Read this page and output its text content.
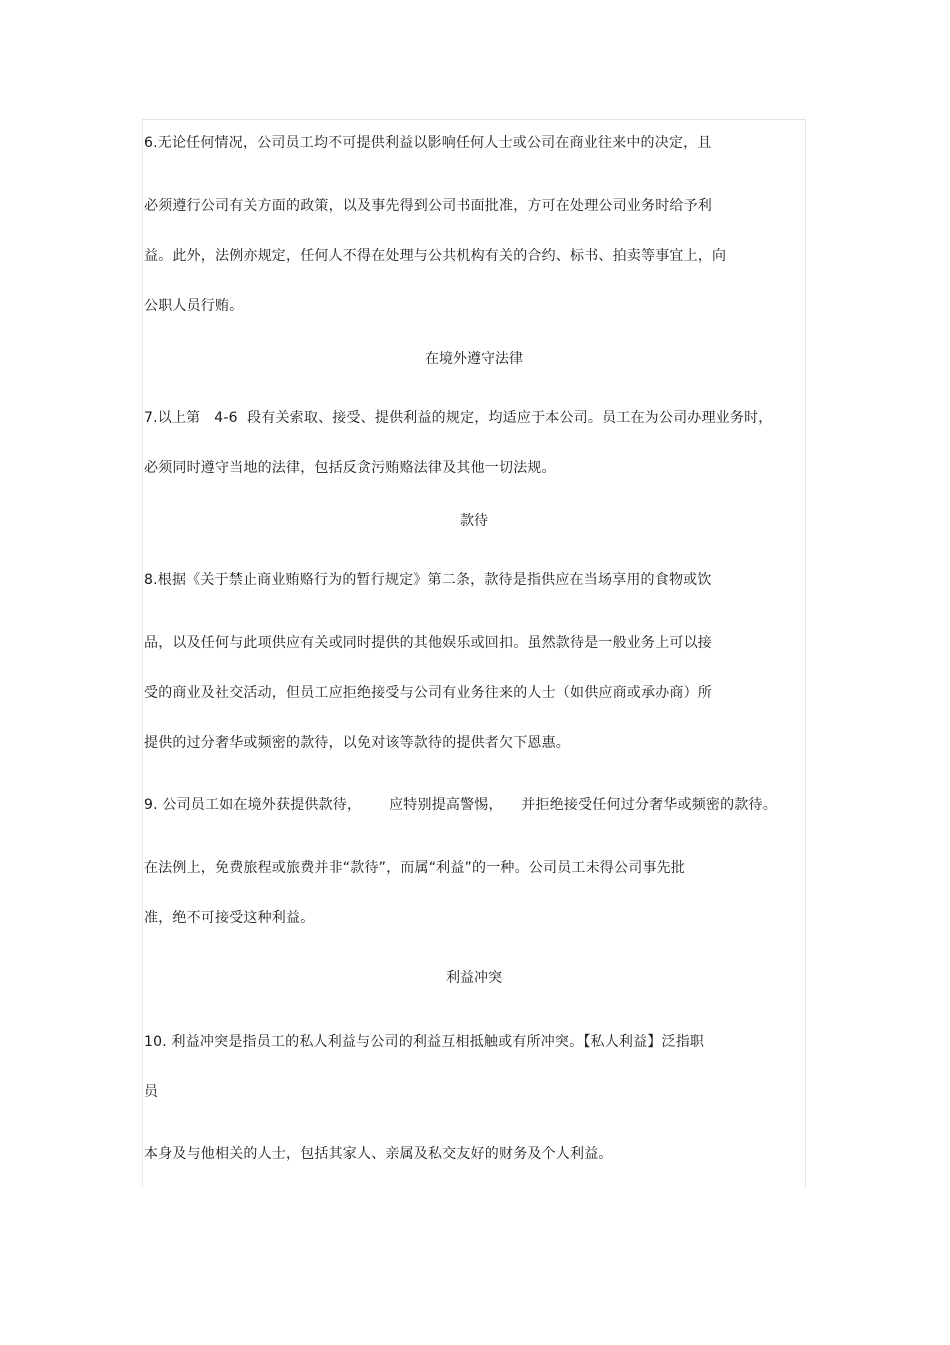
6.无论任何情况，公司员工均不可提供利益以影响任何人士或公司在商业往来中的决定，且
必须遵行公司有关方面的政策，以及事先得到公司书面批准，方可在处理公司业务时给予利
益。此外，法例亦规定，任何人不得在处理与公共机构有关的合约、标书、拍卖等事宜上，向
公职人员行贿。
在境外遵守法律
7.以上第   4-6  段有关索取、接受、提供利益的规定，均适应于本公司。员工在为公司办理业务时，
必须同时遵守当地的法律，包括反贪污贿赂法律及其他一切法规。
款待
8.根据《关于禁止商业贿赂行为的暂行规定》第二条，款待是指供应在当场享用的食物或饮
品，以及任何与此项供应有关或同时提供的其他娱乐或回扣。虽然款待是一般业务上可以接
受的商业及社交活动，但员工应拒绝接受与公司有业务往来的人士（如供应商或承办商）所
提供的过分奢华或频密的款待，以免对该等款待的提供者欠下恩惠。
9. 公司员工如在境外获提供款待，      应特别提高警惕，    并拒绝接受任何过分奢华或频密的款待。
在法例上，免费旅程或旅费并非“款待”，而属“利益”的一种。公司员工未得公司事先批
准，绝不可接受这种利益。
利益冲突
10. 利益冲突是指员工的私人利益与公司的利益互相抵触或有所冲突。【私人利益】泛指职
员
本身及与他相关的人士，包括其家人、亲属及私交友好的财务及个人利益。
